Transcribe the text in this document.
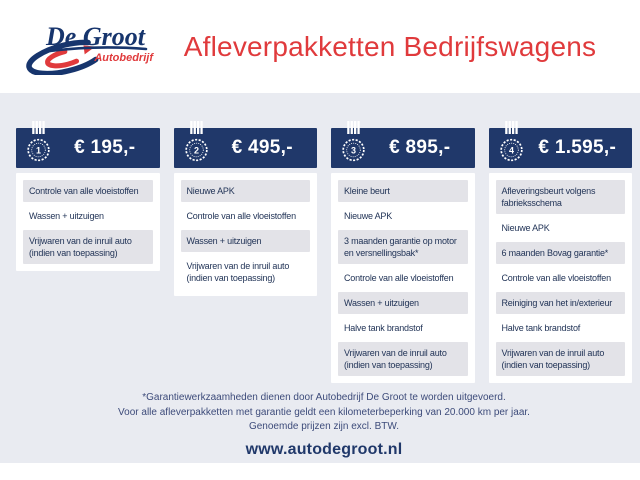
De Groot
Autobedrijf	Afleverpakketten Bedrijfswagens
1 € 195,-
Controle van alle vloeistoffen
Wassen + uitzuigen
Vrijwaren van de inruil auto (indien van toepassing)
2 € 495,-
Nieuwe APK
Controle van alle vloeistoffen
Wassen + uitzuigen
Vrijwaren van de inruil auto (indien van toepassing)
3 € 895,-
Kleine beurt
Nieuwe APK
3 maanden garantie op motor en versnellingsbak*
Controle van alle vloeistoffen
Wassen + uitzuigen
Halve tank brandstof
Vrijwaren van de inruil auto (indien van toepassing)
4 € 1.595,-
Afleveringsbeurt volgens fabrieksschema
Nieuwe APK
6 maanden Bovag garantie*
Controle van alle vloeistoffen
Reiniging van het in/exterieur
Halve tank brandstof
Vrijwaren van de inruil auto (indien van toepassing)
*Garantiewerkzaamheden dienen door Autobedrijf De Groot te worden uitgevoerd.
Voor alle afleverpakketten met garantie geldt een kilometerbeperking van 20.000 km per jaar.
Genoemde prijzen zijn excl. BTW.
www.autodegroot.nl
